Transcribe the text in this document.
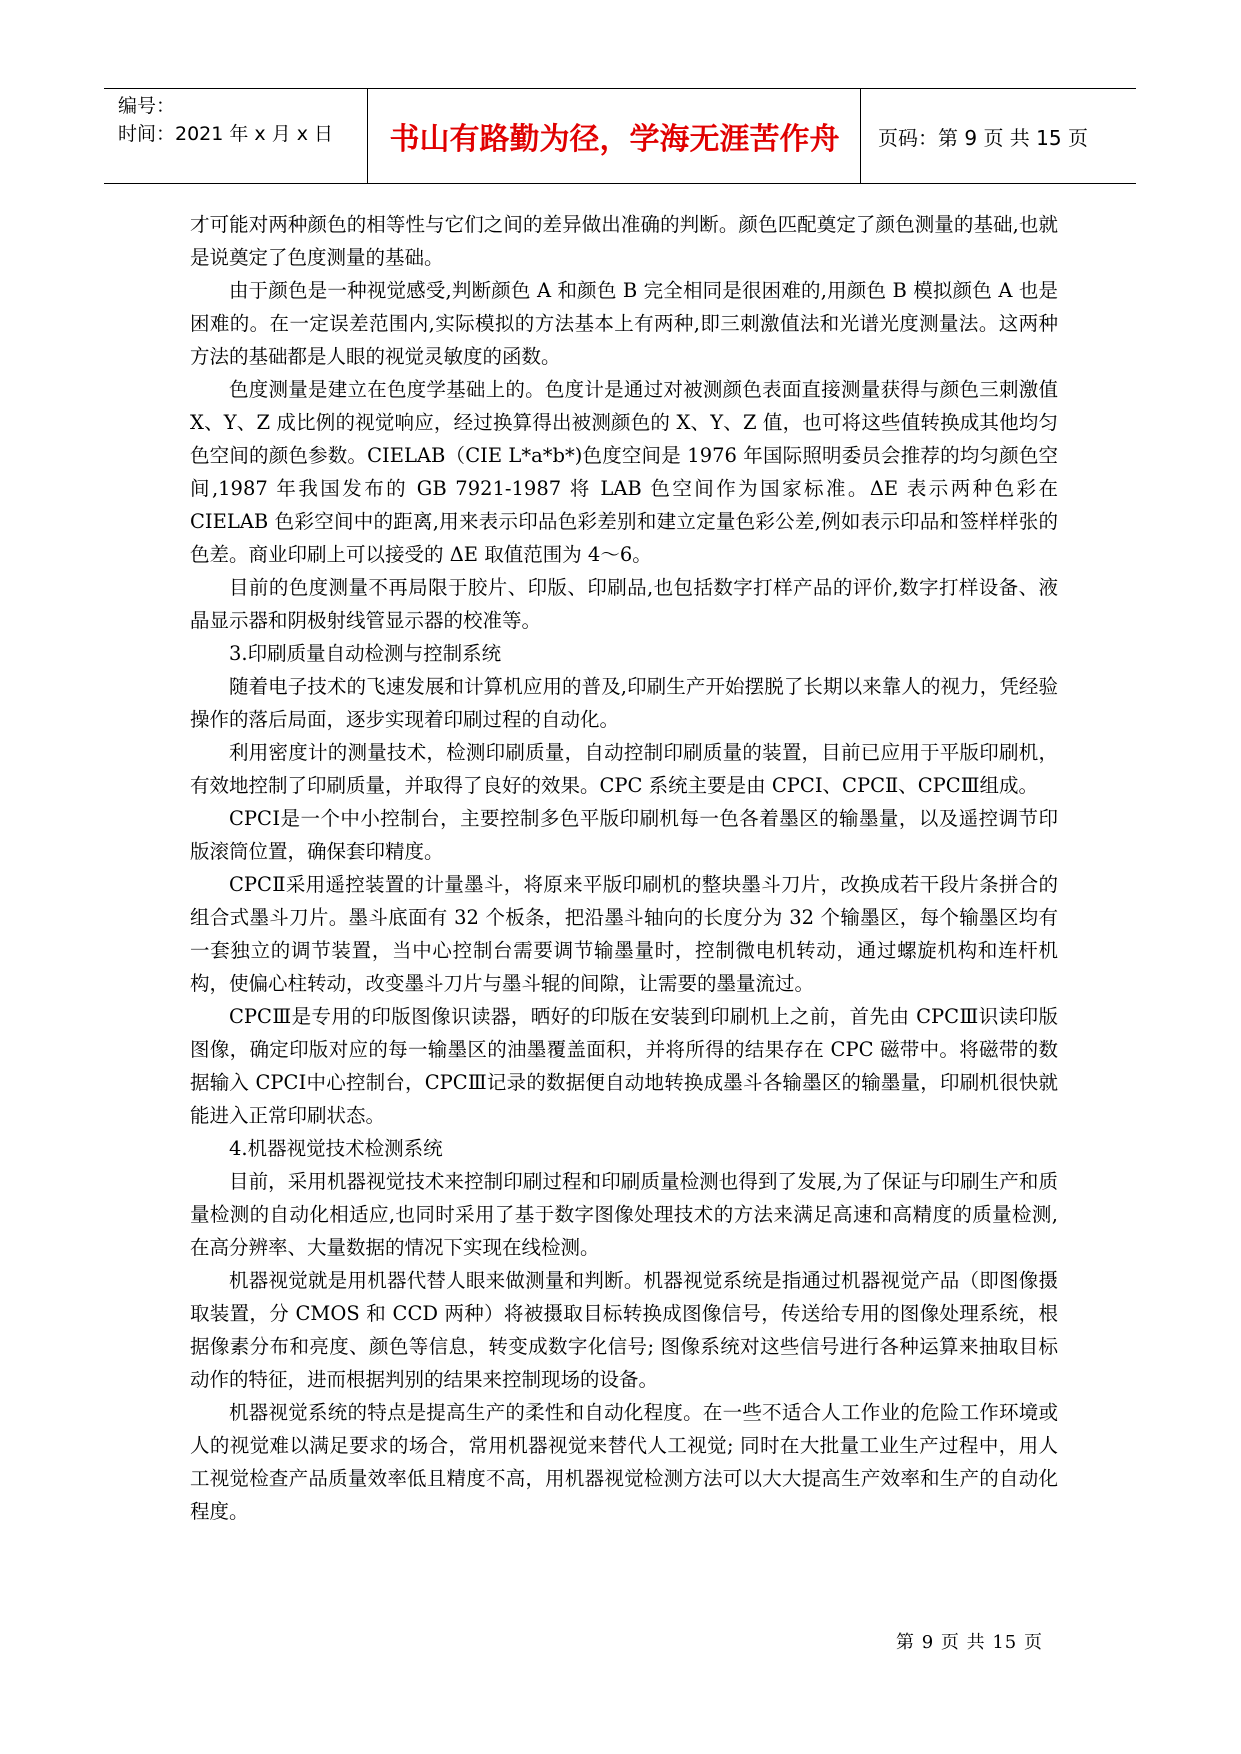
编号：
时间：2021 年 x 月 x 日	书山有路勤为径，学海无涯苦作舟	页码：第 9 页 共 15 页

才可能对两种颜色的相等性与它们之间的差异做出准确的判断。颜色匹配奠定了颜色测量的基础,也就是说奠定了色度测量的基础。

由于颜色是一种视觉感受,判断颜色 A 和颜色 B 完全相同是很困难的,用颜色 B 模拟颜色 A 也是困难的。在一定误差范围内,实际模拟的方法基本上有两种,即三刺激值法和光谱光度测量法。这两种方法的基础都是人眼的视觉灵敏度的函数。

色度测量是建立在色度学基础上的。色度计是通过对被测颜色表面直接测量获得与颜色三刺激值 X、Y、Z 成比例的视觉响应，经过换算得出被测颜色的 X、Y、Z 值，也可将这些值转换成其他均匀色空间的颜色参数。CIELAB（CIE L*a*b*)色度空间是 1976 年国际照明委员会推荐的均匀颜色空间,1987 年我国发布的 GB 7921-1987 将 LAB 色空间作为国家标准。ΔE 表示两种色彩在 CIELAB 色彩空间中的距离,用来表示印品色彩差别和建立定量色彩公差,例如表示印品和签样样张的色差。商业印刷上可以接受的 ΔE 取值范围为 4～6。

目前的色度测量不再局限于胶片、印版、印刷品,也包括数字打样产品的评价,数字打样设备、液晶显示器和阴极射线管显示器的校准等。

3.印刷质量自动检测与控制系统

随着电子技术的飞速发展和计算机应用的普及,印刷生产开始摆脱了长期以来靠人的视力，凭经验操作的落后局面，逐步实现着印刷过程的自动化。

利用密度计的测量技术，检测印刷质量，自动控制印刷质量的装置，目前已应用于平版印刷机，有效地控制了印刷质量，并取得了良好的效果。CPC 系统主要是由 CPCⅠ、CPCⅡ、CPCⅢ组成。

CPCⅠ是一个中小控制台，主要控制多色平版印刷机每一色各着墨区的输墨量，以及遥控调节印版滚筒位置，确保套印精度。

CPCⅡ采用遥控装置的计量墨斗，将原来平版印刷机的整块墨斗刀片，改换成若干段片条拼合的组合式墨斗刀片。墨斗底面有 32 个板条，把沿墨斗轴向的长度分为 32 个输墨区，每个输墨区均有一套独立的调节装置，当中心控制台需要调节输墨量时，控制微电机转动，通过螺旋机构和连杆机构，使偏心柱转动，改变墨斗刀片与墨斗辊的间隙，让需要的墨量流过。

CPCⅢ是专用的印版图像识读器，晒好的印版在安装到印刷机上之前，首先由 CPCⅢ识读印版图像，确定印版对应的每一输墨区的油墨覆盖面积，并将所得的结果存在 CPC 磁带中。将磁带的数据输入 CPCⅠ中心控制台，CPCⅢ记录的数据便自动地转换成墨斗各输墨区的输墨量，印刷机很快就能进入正常印刷状态。

4.机器视觉技术检测系统

目前，采用机器视觉技术来控制印刷过程和印刷质量检测也得到了发展,为了保证与印刷生产和质量检测的自动化相适应,也同时采用了基于数字图像处理技术的方法来满足高速和高精度的质量检测,在高分辨率、大量数据的情况下实现在线检测。

机器视觉就是用机器代替人眼来做测量和判断。机器视觉系统是指通过机器视觉产品（即图像摄取装置，分 CMOS 和 CCD 两种）将被摄取目标转换成图像信号，传送给专用的图像处理系统，根据像素分布和亮度、颜色等信息，转变成数字化信号; 图像系统对这些信号进行各种运算来抽取目标动作的特征，进而根据判别的结果来控制现场的设备。

机器视觉系统的特点是提高生产的柔性和自动化程度。在一些不适合人工作业的危险工作环境或人的视觉难以满足要求的场合，常用机器视觉来替代人工视觉; 同时在大批量工业生产过程中，用人工视觉检查产品质量效率低且精度不高，用机器视觉检测方法可以大大提高生产效率和生产的自动化程度。

第 9 页 共 15 页
